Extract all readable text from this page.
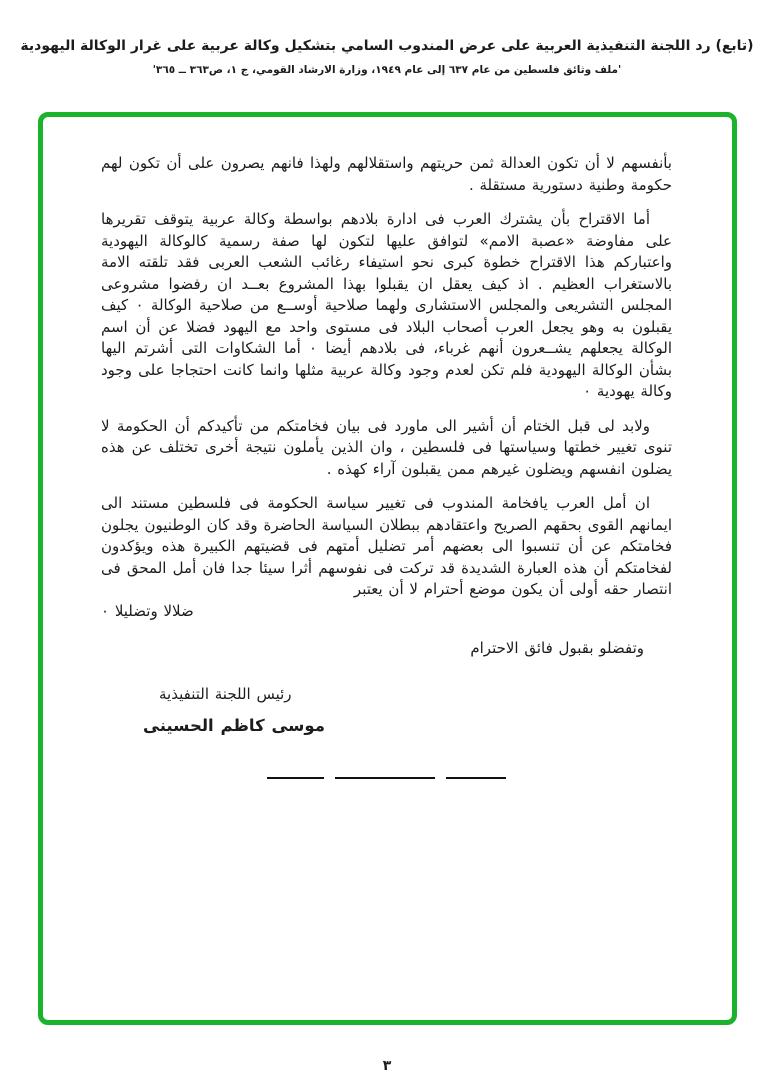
(تابع) رد اللجنة التنفيذية العربية على عرض المندوب السامي بتشكيل وكالة عربية على غرار الوكالة اليهودية
'ملف وثائق فلسطين من عام ٦٣٧ إلى عام ١٩٤٩، وزارة الارشاد القومي، ج ١، ص٣٦٣ ــ ٣٦٥'

بأنفسهم لا أن تكون العدالة ثمن حريتهم واستقلالهم ولهذا فانهم يصرون على أن تكون لهم حكومة وطنية دستورية مستقلة .

أما الاقتراح بأن يشترك العرب فى ادارة بلادهم بواسطة وكالة عربية يتوقف تقريرها على مفاوضة «عصبة الامم» لتوافق عليها لتكون لها صفة رسمية كالوكالة اليهودية واعتباركم هذا الاقتراح خطوة كبرى نحو استيفاء رغائب الشعب العربى فقد تلقته الامة بالاستغراب العظيم . اذ كيف يعقل ان يقبلوا بهذا المشروع بعــد ان رفضوا مشروعى المجلس التشريعى والمجلس الاستشارى ولهما صلاحية أوســع من صلاحية الوكالة ٠ كيف يقبلون به وهو يجعل العرب أصحاب البلاد فى مستوى واحد مع اليهود فضلا عن أن اسم الوكالة يجعلهم يشــعرون أنهم غرباء، فى بلادهم أيضا ٠ أما الشكاوات التى أشرتم اليها بشأن الوكالة اليهودية فلم تكن لعدم وجود وكالة عربية مثلها وانما كانت احتجاجا على وجود وكالة يهودية ٠

ولابد لى قبل الختام أن أشير الى ماورد فى بيان فخامتكم من تأكيدكم أن الحكومة لا تنوى تغيير خطتها وسياستها فى فلسطين ، وان الذين يأملون نتيجة أخرى تختلف عن هذه يضلون انفسهم ويضلون غيرهم ممن يقبلون آراء كهذه .

ان أمل العرب يافخامة المندوب فى تغيير سياسة الحكومة فى فلسطين مستند الى ايمانهم القوى بحقهم الصريح واعتقادهم ببطلان السياسة الحاضرة وقد كان الوطنيون يجلون فخامتكم عن أن تنسبوا الى بعضهم أمر تضليل أمتهم فى قضيتهم الكبيرة هذه ويؤكدون لفخامتكم أن هذه العبارة الشديدة قد تركت فى نفوسهم أثرا سيئا جدا فان أمل المحق فى انتصار حقه أولى أن يكون موضع أحترام لا أن يعتبر

ضلالا وتضليلا ٠

وتفضلو بقبول فائق الاحترام

رئيس اللجنة التنفيذية

موسى كاظم الحسينى

٣
